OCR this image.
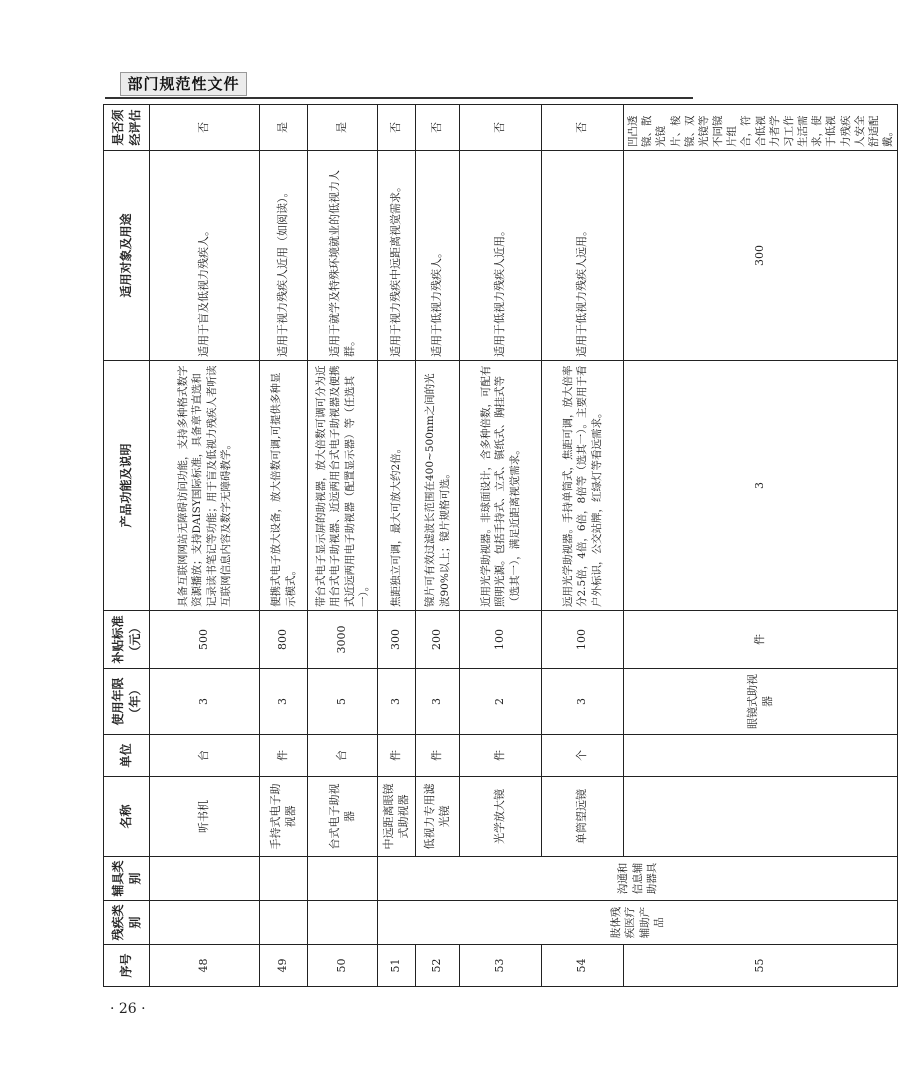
部门规范性文件
序号	残疾类别	辅具类别	名称	单位	使用年限（年）	补贴标准（元）	产品功能及说明	适用对象及用途	是否须经评估	
48			听书机	台	3	500	具备互联网网站无障碍访问功能，支持多种格式数字资源播放；支持DAISY国际标准，具备章节直选和记录读书笔记等功能；用于盲及低视力残疾人者听读互联网信息内容及数字无障碍教学。	适用于盲及低视力残疾人。	否	
49			手持式电子助视器	件	3	800	便携式电子放大设备，放大倍数可调,可提供多种显示模式。	适用于视力残疾人近用（如阅读）。	是	
50			台式电子助视器	台	5	3000	带台式电子显示屏的助视器，放大倍数可调可分为近用台式电子助视器、近远两用台式电子助视器及便携式近远两用电子助视器（配置显示器）等（任选其一）。	适用于就学及特殊环境就业的低视力人群。	是	
51	肢体残疾医疗辅助产品	沟通和信息辅助器具	中远距离眼镜式助视器	件	3	300	焦距独立可调，最大可放大约2倍。	适用于视力残疾中远距离视觉需求。	否	
52			低视力专用滤光镜	件	3	200	镜片可有效过滤波长范围在400~500nm之间的光波90%以上；镜片规格可选。	适用于低视力残疾人。	否	
53			光学放大镜	件	2	100	近用光学助视器。非球面设计，含多种倍数，可配有照明光源。包括手持式、立式、镇纸式、胸挂式等（选其一），满足近距离视觉需求。	适用于低视力残疾人近用。	否	
54			单筒望远镜	个	3	100	远用光学助视器。手持单筒式，焦距可调，放大倍率分2.5倍，4倍，6倍，8倍等（选其一）。主要用于看户外标识，公交站牌，红绿灯等看远需求。	适用于低视力残疾人远用。	否	
55					眼镜式助视器	件	3	300	凹凸透镜、散光镜片、棱镜、双光镜等不同镜片组合，符合低视力者学习工作生活需求，使于低视力残疾人安全舒适配戴。		
· 26 ·
